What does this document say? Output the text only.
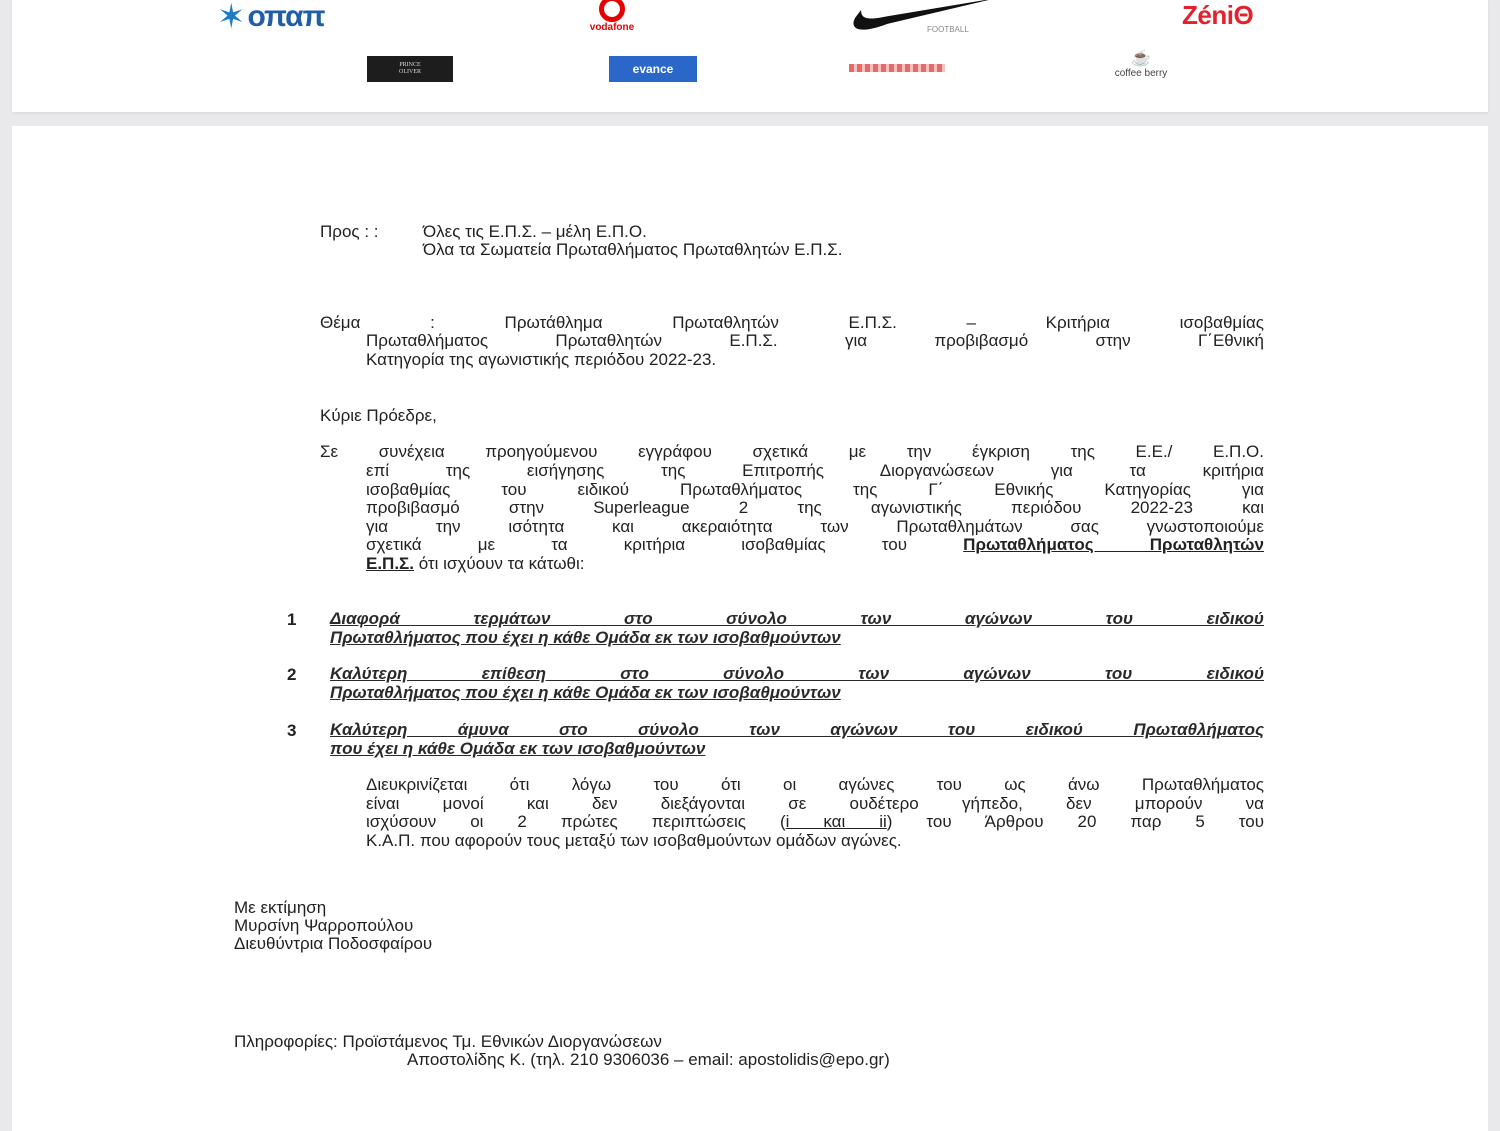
✶ οπαπ	vodafone	FOOTBALL	ZéniΘ
PRINCE
OLIVER	evance
☕
coffee berry
Προς : :	Όλες τις Ε.Π.Σ. – μέλη Ε.Π.Ο.
Όλα τα Σωματεία Πρωταθλήματος Πρωταθλητών Ε.Π.Σ.
Θέμα : Πρωτάθλημα Πρωταθλητών Ε.Π.Σ. – Κριτήρια ισοβαθμίας
Πρωταθλήματος Πρωταθλητών Ε.Π.Σ. για προβιβασμό στην Γ΄Εθνική
Κατηγορία της αγωνιστικής περιόδου 2022-23.
Κύριε Πρόεδρε,
Σε συνέχεια προηγούμενου εγγράφου σχετικά με την έγκριση της Ε.Ε./ Ε.Π.Ο.
επί της εισήγησης της Επιτροπής Διοργανώσεων για τα κριτήρια
ισοβαθμίας του ειδικού Πρωταθλήματος της Γ΄ Εθνικής Κατηγορίας για
προβιβασμό στην Superleague 2 της αγωνιστικής περιόδου 2022-23 και
για την ισότητα και ακεραιότητα των Πρωταθλημάτων σας γνωστοποιούμε
σχετικά με τα κριτήρια ισοβαθμίας του	Πρωταθλήματος Πρωταθλητών
Ε.Π.Σ. ότι ισχύουν τα κάτωθι:
1 Διαφορά τερμάτων στο σύνολο των αγώνων του ειδικού
Πρωταθλήματος που έχει η κάθε Ομάδα εκ των ισοβαθμούντων
2 Καλύτερη επίθεση στο σύνολο των αγώνων του ειδικού
Πρωταθλήματος που έχει η κάθε Ομάδα εκ των ισοβαθμούντων
3 Καλύτερη άμυνα στο σύνολο των αγώνων του ειδικού Πρωταθλήματος
που έχει η κάθε Ομάδα εκ των ισοβαθμούντων
Διευκρινίζεται ότι λόγω του ότι οι αγώνες του ως άνω Πρωταθλήματος
είναι μονοί και δεν διεξάγονται σε ουδέτερο γήπεδο, δεν μπορούν να
ισχύσουν οι 2 πρώτες περιπτώσεις (i και ii) του Άρθρου 20 παρ 5 του
Κ.Α.Π. που αφορούν τους μεταξύ των ισοβαθμούντων ομάδων αγώνες.
Με εκτίμηση
Μυρσίνη Ψαρροπούλου
Διευθύντρια Ποδοσφαίρου
Πληροφορίες: Προϊστάμενος Τμ. Εθνικών Διοργανώσεων
Αποστολίδης Κ. (τηλ. 210 9306036 – email: apostolidis@epo.gr)
